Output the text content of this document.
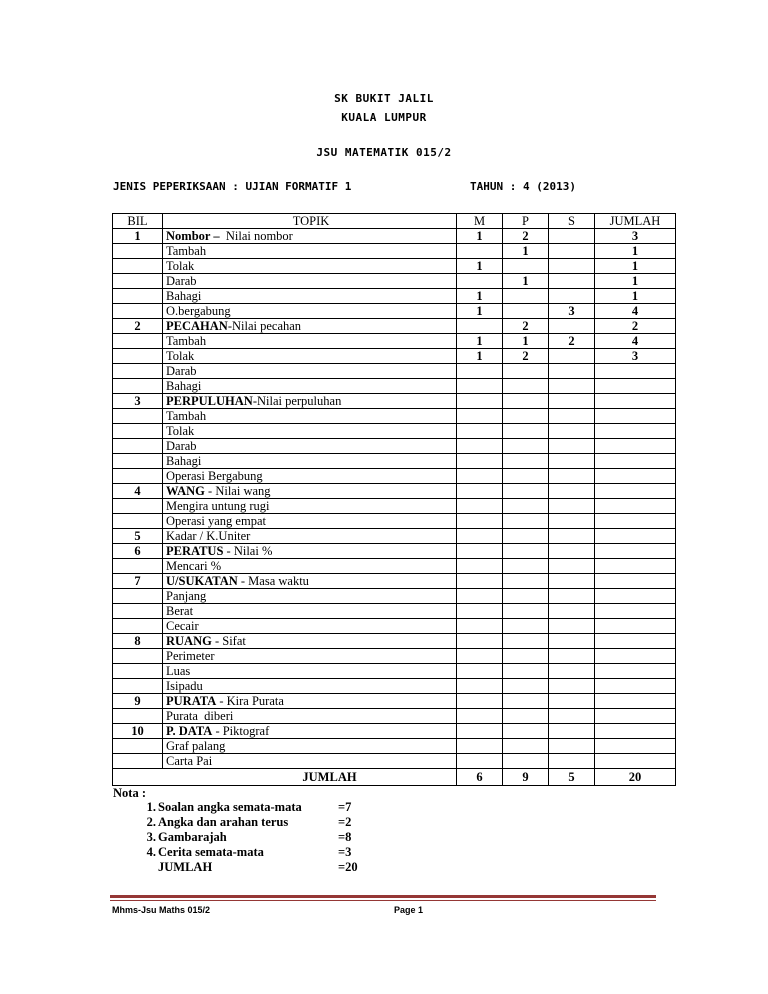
SK BUKIT JALIL
KUALA LUMPUR
JSU MATEMATIK 015/2
JENIS PEPERIKSAAN : UJIAN FORMATIF 1	TAHUN : 4 (2013)
BIL	TOPIK	M	P	S	JUMLAH
1	Nombor –  Nilai nombor	1	2		3
	Tambah		1		1
	Tolak	1			1
	Darab		1		1
	Bahagi	1			1
	O.bergabung	1		3	4
2	PECAHAN-Nilai pecahan		2		2
	Tambah	1	1	2	4
	Tolak	1	2		3
	Darab				
	Bahagi				
3	PERPULUHAN-Nilai perpuluhan				
	Tambah				
	Tolak				
	Darab				
	Bahagi				
	Operasi Bergabung				
4	WANG - Nilai wang				
	Mengira untung rugi				
	Operasi yang empat				
5	Kadar / K.Uniter				
6	PERATUS - Nilai %				
	Mencari %				
7	U/SUKATAN - Masa waktu				
	Panjang				
	Berat				
	Cecair				
8	RUANG - Sifat				
	Perimeter				
	Luas				
	Isipadu				
9	PURATA - Kira Purata				
	Purata  diberi				
10	P. DATA - Piktograf				
	Graf palang				
	Carta Pai				
JUMLAH		6	9	5	20
Nota :
1. Soalan angka semata-mata	=7
2. Angka dan arahan terus	=2
3. Gambarajah	=8
4. Cerita semata-mata	=3
JUMLAH	=20
Mhms-Jsu Maths 015/2	Page 1
